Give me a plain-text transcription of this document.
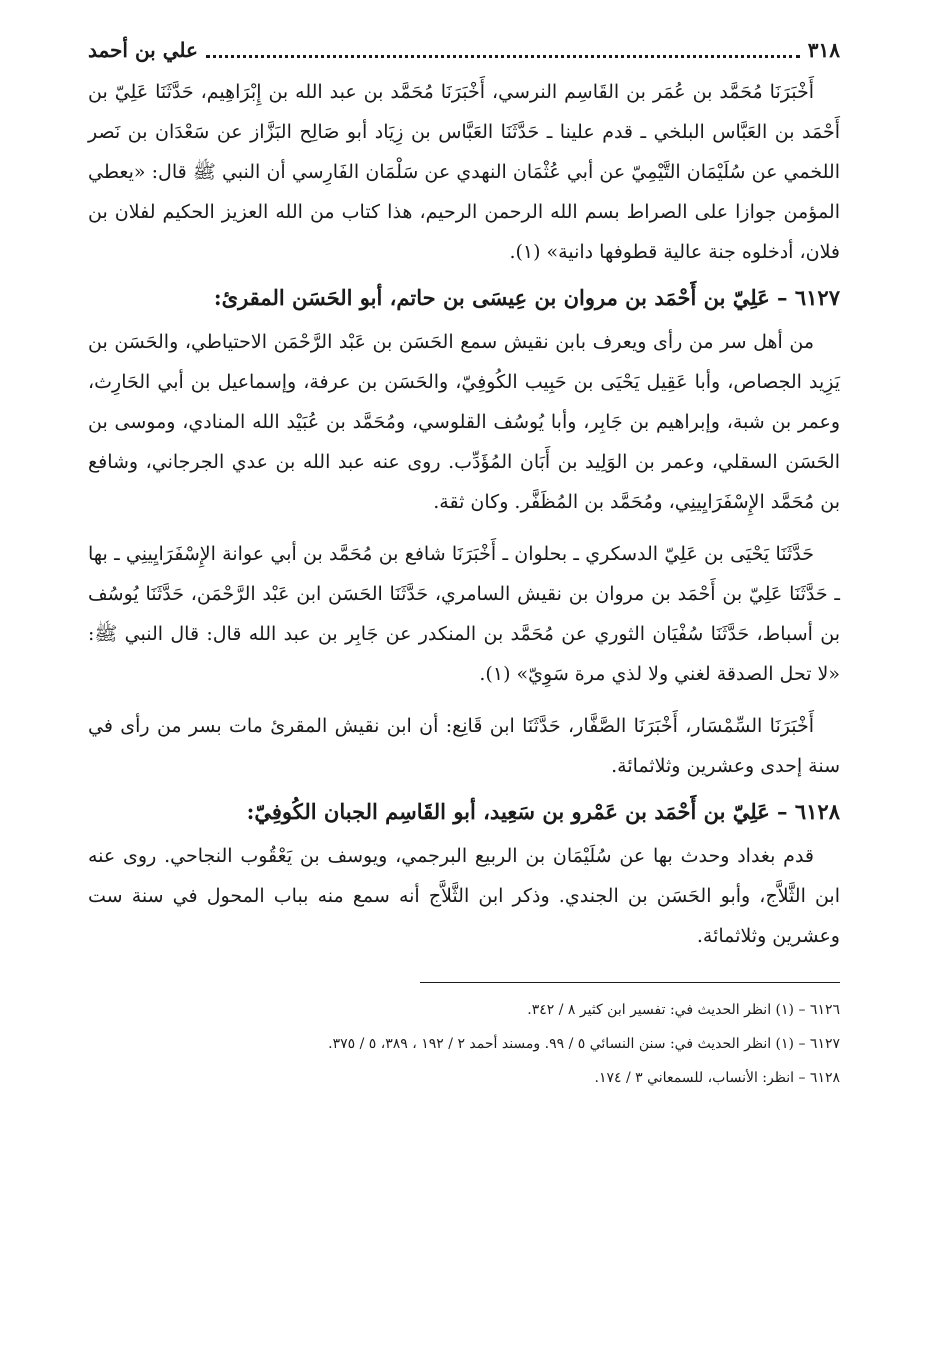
٣١٨
علي بن أحمد

أَخْبَرَنَا مُحَمَّد بن عُمَر بن القَاسِم النرسي، أَخْبَرَنَا مُحَمَّد بن عبد الله بن إِبْرَاهِيم، حَدَّثَنَا عَلِيّ بن أَحْمَد بن العَبَّاس البلخي ـ قدم علينا ـ حَدَّثَنَا العَبَّاس بن زِيَاد أبو صَالِح البَزَّاز عن سَعْدَان بن نَصر اللخمي عن سُلَيْمَان التَّيْمِيّ عن أبي عُثْمَان النهدي عن سَلْمَان الفَارِسي أن النبي ﷺ قال: «يعطي المؤمن جوازا على الصراط بسم الله الرحمن الرحيم، هذا كتاب من الله العزيز الحكيم لفلان بن فلان، أدخلوه جنة عالية قطوفها دانية» (١).

٦١٢٧ – عَلِيّ بن أَحْمَد بن مروان بن عِيسَى بن حاتم، أبو الحَسَن المقرئ:

من أهل سر من رأى ويعرف بابن نقيش سمع الحَسَن بن عَبْد الرَّحْمَن الاحتياطي، والحَسَن بن يَزِيد الجصاص، وأبا عَقِيل يَحْيَى بن حَبِيب الكُوفِيّ، والحَسَن بن عرفة، وإسماعيل بن أبي الحَارِث، وعمر بن شبة، وإبراهيم بن جَابِر، وأبا يُوسُف القلوسي، ومُحَمَّد بن عُبَيْد الله المنادي، وموسى بن الحَسَن السقلي، وعمر بن الوَلِيد بن أَبَان المُؤَدِّب. روى عنه عبد الله بن عدي الجرجاني، وشافع بن مُحَمَّد الإِسْفَرَايِينِي، ومُحَمَّد بن المُظَفَّر. وكان ثقة.

حَدَّثَنَا يَحْيَى بن عَلِيّ الدسكري ـ بحلوان ـ أَخْبَرَنَا شافع بن مُحَمَّد بن أبي عوانة الإِسْفَرَايِينِي ـ بها ـ حَدَّثَنَا عَلِيّ بن أَحْمَد بن مروان بن نقيش السامري، حَدَّثَنَا الحَسَن ابن عَبْد الرَّحْمَن، حَدَّثَنَا يُوسُف بن أسباط، حَدَّثَنَا سُفْيَان الثوري عن مُحَمَّد بن المنكدر عن جَابِر بن عبد الله قال: قال النبي ﷺ: «لا تحل الصدقة لغني ولا لذي مرة سَوِيّ» (١).

أَخْبَرَنَا السِّمْسَار، أَخْبَرَنَا الصَّفَّار، حَدَّثَنَا ابن قَانِع: أن ابن نقيش المقرئ مات بسر من رأى في سنة إحدى وعشرين وثلاثمائة.

٦١٢٨ – عَلِيّ بن أَحْمَد بن عَمْرو بن سَعِيد، أبو القَاسِم الجبان الكُوفِيّ:

قدم بغداد وحدث بها عن سُلَيْمَان بن الربيع البرجمي، ويوسف بن يَعْقُوب النجاحي. روى عنه ابن الثَّلاَّج، وأبو الحَسَن بن الجندي. وذكر ابن الثَّلاَّج أنه سمع منه بباب المحول في سنة ست وعشرين وثلاثمائة.

٦١٢٦ – (١) انظر الحديث في: تفسير ابن كثير ٨ / ٣٤٢.
٦١٢٧ – (١) انظر الحديث في: سنن النسائي ٥ / ٩٩. ومسند أحمد ٢ / ١٩٢ ، ٣٨٩، ٥ / ٣٧٥.
٦١٢٨ – انظر: الأنساب، للسمعاني ٣ / ١٧٤.
